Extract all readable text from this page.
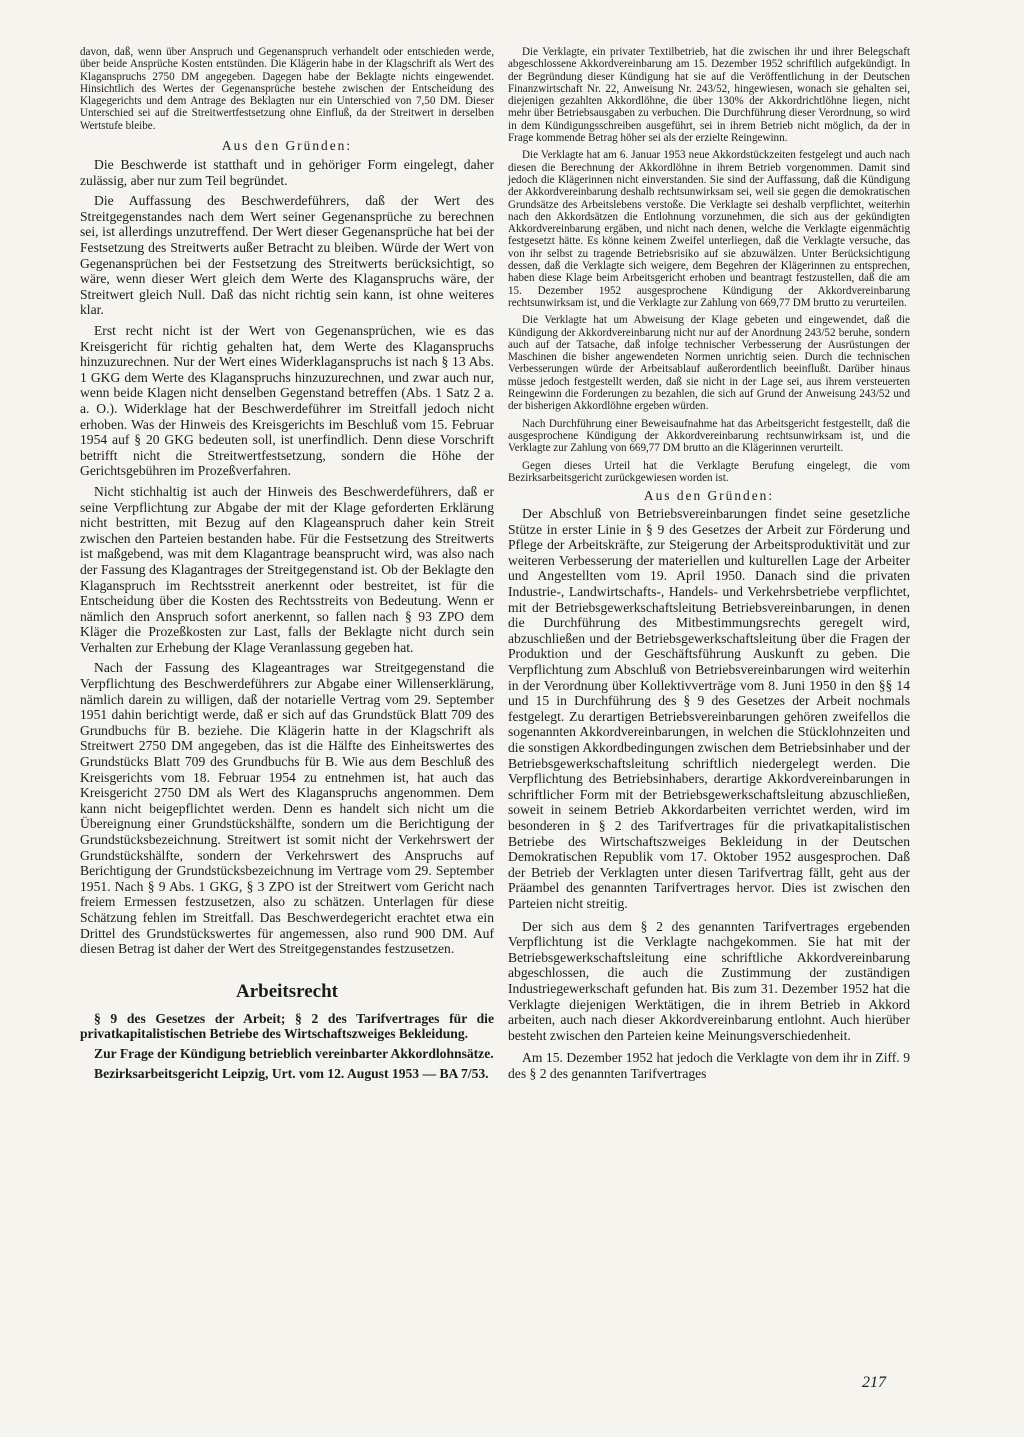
davon, daß, wenn über Anspruch und Gegenanspruch verhandelt oder entschieden werde, über beide Ansprüche Kosten entstünden. Die Klägerin habe in der Klagschrift als Wert des Klaganspruchs 2750 DM angegeben. Dagegen habe der Beklagte nichts eingewendet. Hinsichtlich des Wertes der Gegenansprüche bestehe zwischen der Entscheidung des Klagegerichts und dem Antrage des Beklagten nur ein Unterschied von 7,50 DM. Dieser Unterschied sei auf die Streitwertfestsetzung ohne Einfluß, da der Streitwert in derselben Wertstufe bleibe.

Aus den Gründen:

Die Beschwerde ist statthaft und in gehöriger Form eingelegt, daher zulässig, aber nur zum Teil begründet.

Die Auffassung des Beschwerdeführers, daß der Wert des Streitgegenstandes nach dem Wert seiner Gegenansprüche zu berechnen sei, ist allerdings unzutreffend. Der Wert dieser Gegenansprüche hat bei der Festsetzung des Streitwerts außer Betracht zu bleiben. Würde der Wert von Gegenansprüchen bei der Festsetzung des Streitwerts berücksichtigt, so wäre, wenn dieser Wert gleich dem Werte des Klaganspruchs wäre, der Streitwert gleich Null. Daß das nicht richtig sein kann, ist ohne weiteres klar.

Erst recht nicht ist der Wert von Gegenansprüchen, wie es das Kreisgericht für richtig gehalten hat, dem Werte des Klaganspruchs hinzuzurechnen. Nur der Wert eines Widerklaganspruchs ist nach § 13 Abs. 1 GKG dem Werte des Klaganspruchs hinzuzurechnen, und zwar auch nur, wenn beide Klagen nicht denselben Gegenstand betreffen (Abs. 1 Satz 2 a. a. O.). Widerklage hat der Beschwerdeführer im Streitfall jedoch nicht erhoben. Was der Hinweis des Kreisgerichts im Beschluß vom 15. Februar 1954 auf § 20 GKG bedeuten soll, ist unerfindlich. Denn diese Vorschrift betrifft nicht die Streitwertfestsetzung, sondern die Höhe der Gerichtsgebühren im Prozeßverfahren.

Nicht stichhaltig ist auch der Hinweis des Beschwerdeführers, daß er seine Verpflichtung zur Abgabe der mit der Klage geforderten Erklärung nicht bestritten, mit Bezug auf den Klageanspruch daher kein Streit zwischen den Parteien bestanden habe. Für die Festsetzung des Streitwerts ist maßgebend, was mit dem Klagantrage beansprucht wird, was also nach der Fassung des Klagantrages der Streitgegenstand ist. Ob der Beklagte den Klaganspruch im Rechtsstreit anerkennt oder bestreitet, ist für die Entscheidung über die Kosten des Rechtsstreits von Bedeutung. Wenn er nämlich den Anspruch sofort anerkennt, so fallen nach § 93 ZPO dem Kläger die Prozeßkosten zur Last, falls der Beklagte nicht durch sein Verhalten zur Erhebung der Klage Veranlassung gegeben hat.

Nach der Fassung des Klageantrages war Streitgegenstand die Verpflichtung des Beschwerdeführers zur Abgabe einer Willenserklärung, nämlich darein zu willigen, daß der notarielle Vertrag vom 29. September 1951 dahin berichtigt werde, daß er sich auf das Grundstück Blatt 709 des Grundbuchs für B. beziehe. Die Klägerin hatte in der Klagschrift als Streitwert 2750 DM angegeben, das ist die Hälfte des Einheitswertes des Grundstücks Blatt 709 des Grundbuchs für B. Wie aus dem Beschluß des Kreisgerichts vom 18. Februar 1954 zu entnehmen ist, hat auch das Kreisgericht 2750 DM als Wert des Klaganspruchs angenommen. Dem kann nicht beigepflichtet werden. Denn es handelt sich nicht um die Übereignung einer Grundstückshälfte, sondern um die Berichtigung der Grundstücksbezeichnung. Streitwert ist somit nicht der Verkehrswert der Grundstückshälfte, sondern der Verkehrswert des Anspruchs auf Berichtigung der Grundstücksbezeichnung im Vertrage vom 29. September 1951. Nach § 9 Abs. 1 GKG, § 3 ZPO ist der Streitwert vom Gericht nach freiem Ermessen festzusetzen, also zu schätzen. Unterlagen für diese Schätzung fehlen im Streitfall. Das Beschwerdegericht erachtet etwa ein Drittel des Grundstückswertes für angemessen, also rund 900 DM. Auf diesen Betrag ist daher der Wert des Streitgegenstandes festzusetzen.

Arbeitsrecht

§ 9 des Gesetzes der Arbeit; § 2 des Tarifvertrages für die privatkapitalistischen Betriebe des Wirtschaftszweiges Bekleidung.

Zur Frage der Kündigung betrieblich vereinbarter Akkordlohnsätze.

Bezirksarbeitsgericht Leipzig, Urt. vom 12. August 1953 — BA 7/53.

Die Verklagte, ein privater Textilbetrieb, hat die zwischen ihr und ihrer Belegschaft abgeschlossene Akkordvereinbarung am 15. Dezember 1952 schriftlich aufgekündigt. In der Begründung dieser Kündigung hat sie auf die Veröffentlichung in der Deutschen Finanzwirtschaft Nr. 22, Anweisung Nr. 243/52, hingewiesen, wonach sie gehalten sei, diejenigen gezahlten Akkordlöhne, die über 130% der Akkordrichtlöhne liegen, nicht mehr über Betriebsausgaben zu verbuchen. Die Durchführung dieser Verordnung, so wird in dem Kündigungsschreiben ausgeführt, sei in ihrem Betrieb nicht möglich, da der in Frage kommende Betrag höher sei als der erzielte Reingewinn.

Die Verklagte hat am 6. Januar 1953 neue Akkordstückzeiten festgelegt und auch nach diesen die Berechnung der Akkordlöhne in ihrem Betrieb vorgenommen. Damit sind jedoch die Klägerinnen nicht einverstanden. Sie sind der Auffassung, daß die Kündigung der Akkordvereinbarung deshalb rechtsunwirksam sei, weil sie gegen die demokratischen Grundsätze des Arbeitslebens verstoße. Die Verklagte sei deshalb verpflichtet, weiterhin nach den Akkordsätzen die Entlohnung vorzunehmen, die sich aus der gekündigten Akkordvereinbarung ergäben, und nicht nach denen, welche die Verklagte eigenmächtig festgesetzt hätte. Es könne keinem Zweifel unterliegen, daß die Verklagte versuche, das von ihr selbst zu tragende Betriebsrisiko auf sie abzuwälzen. Unter Berücksichtigung dessen, daß die Verklagte sich weigere, dem Begehren der Klägerinnen zu entsprechen, haben diese Klage beim Arbeitsgericht erhoben und beantragt festzustellen, daß die am 15. Dezember 1952 ausgesprochene Kündigung der Akkordvereinbarung rechtsunwirksam ist, und die Verklagte zur Zahlung von 669,77 DM brutto zu verurteilen.

Die Verklagte hat um Abweisung der Klage gebeten und eingewendet, daß die Kündigung der Akkordvereinbarung nicht nur auf der Anordnung 243/52 beruhe, sondern auch auf der Tatsache, daß infolge technischer Verbesserung der Ausrüstungen der Maschinen die bisher angewendeten Normen unrichtig seien. Durch die technischen Verbesserungen würde der Arbeitsablauf außerordentlich beeinflußt. Darüber hinaus müsse jedoch festgestellt werden, daß sie nicht in der Lage sei, aus ihrem versteuerten Reingewinn die Forderungen zu bezahlen, die sich auf Grund der Anweisung 243/52 und der bisherigen Akkordlöhne ergeben würden.

Nach Durchführung einer Beweisaufnahme hat das Arbeitsgericht festgestellt, daß die ausgesprochene Kündigung der Akkordvereinbarung rechtsunwirksam ist, und die Verklagte zur Zahlung von 669,77 DM brutto an die Klägerinnen verurteilt.

Gegen dieses Urteil hat die Verklagte Berufung eingelegt, die vom Bezirksarbeitsgericht zurückgewiesen worden ist.

Aus den Gründen:

Der Abschluß von Betriebsvereinbarungen findet seine gesetzliche Stütze in erster Linie in § 9 des Gesetzes der Arbeit zur Förderung und Pflege der Arbeitskräfte, zur Steigerung der Arbeitsproduktivität und zur weiteren Verbesserung der materiellen und kulturellen Lage der Arbeiter und Angestellten vom 19. April 1950. Danach sind die privaten Industrie-, Landwirtschafts-, Handels- und Verkehrsbetriebe verpflichtet, mit der Betriebsgewerkschaftsleitung Betriebsvereinbarungen, in denen die Durchführung des Mitbestimmungsrechts geregelt wird, abzuschließen und der Betriebsgewerkschaftsleitung über die Fragen der Produktion und der Geschäftsführung Auskunft zu geben. Die Verpflichtung zum Abschluß von Betriebsvereinbarungen wird weiterhin in der Verordnung über Kollektivverträge vom 8. Juni 1950 in den §§ 14 und 15 in Durchführung des § 9 des Gesetzes der Arbeit nochmals festgelegt. Zu derartigen Betriebsvereinbarungen gehören zweifellos die sogenannten Akkordvereinbarungen, in welchen die Stücklohnzeiten und die sonstigen Akkordbedingungen zwischen dem Betriebsinhaber und der Betriebsgewerkschaftsleitung schriftlich niedergelegt werden. Die Verpflichtung des Betriebsinhabers, derartige Akkordvereinbarungen in schriftlicher Form mit der Betriebsgewerkschaftsleitung abzuschließen, soweit in seinem Betrieb Akkordarbeiten verrichtet werden, wird im besonderen in § 2 des Tarifvertrages für die privatkapitalistischen Betriebe des Wirtschaftszweiges Bekleidung in der Deutschen Demokratischen Republik vom 17. Oktober 1952 ausgesprochen. Daß der Betrieb der Verklagten unter diesen Tarifvertrag fällt, geht aus der Präambel des genannten Tarifvertrages hervor. Dies ist zwischen den Parteien nicht streitig.

Der sich aus dem § 2 des genannten Tarifvertrages ergebenden Verpflichtung ist die Verklagte nachgekommen. Sie hat mit der Betriebsgewerkschaftsleitung eine schriftliche Akkordvereinbarung abgeschlossen, die auch die Zustimmung der zuständigen Industriegewerkschaft gefunden hat. Bis zum 31. Dezember 1952 hat die Verklagte diejenigen Werktätigen, die in ihrem Betrieb in Akkord arbeiten, auch nach dieser Akkordvereinbarung entlohnt. Auch hierüber besteht zwischen den Parteien keine Meinungsverschiedenheit.

Am 15. Dezember 1952 hat jedoch die Verklagte von dem ihr in Ziff. 9 des § 2 des genannten Tarifvertrages

217
